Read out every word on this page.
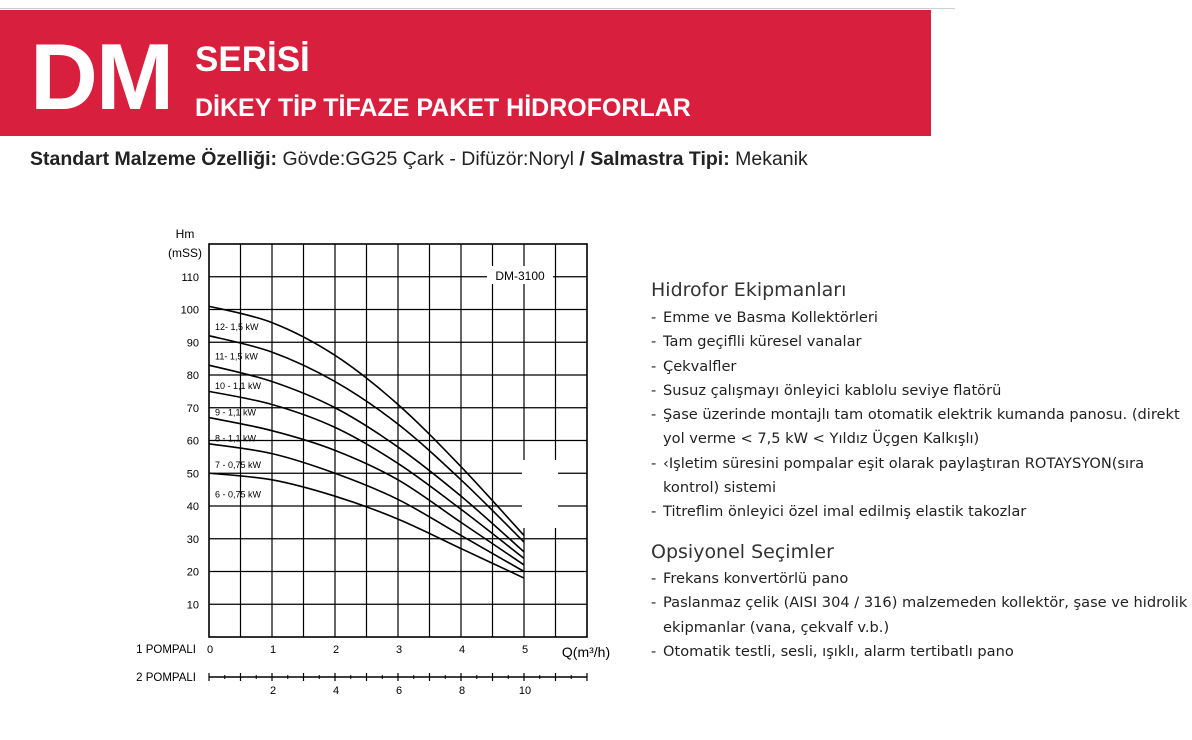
DM SERİSİ
DİKEY TİP TİFAZE PAKET HİDROFORLAR
Standart Malzeme Özelliği: Gövde:GG25 Çark - Difüzör:Noryl / Salmastra Tipi: Mekanik
DM-3100
Hm
(mSS)
10
20
30
40
50
60
70
80
90
100
110
12- 1,5 kW
11- 1,5 kW
10 - 1,1 kW
9 - 1,1 kW
8 - 1,1 kW
7 - 0,75 kW
6 - 0,75 kW
1 POMPALI 0	1	2	3	4	5 Q(m³/h)
2 POMPALI
2	4	6	8	10
Hidrofor Ekipmanları
- Emme ve Basma Kollektörleri
- Tam geçiflli küresel vanalar
- Çekvalfler
- Susuz çalışmayı önleyici kablolu seviye flatörü
- Şase üzerinde montajlı tam otomatik elektrik kumanda panosu. (direkt yol verme < 7,5 kW < Yıldız Üçgen Kalkışlı)
- ‹Işletim süresini pompalar eşit olarak paylaştıran ROTAYSYON(sıra kontrol) sistemi
- Titreflim önleyici özel imal edilmiş elastik takozlar
Opsiyonel Seçimler
- Frekans konvertörlü pano
- Paslanmaz çelik (AISI 304 / 316) malzemeden kollektör, şase ve hidrolik ekipmanlar (vana, çekvalf v.b.)
- Otomatik testli, sesli, ışıklı, alarm tertibatlı pano
